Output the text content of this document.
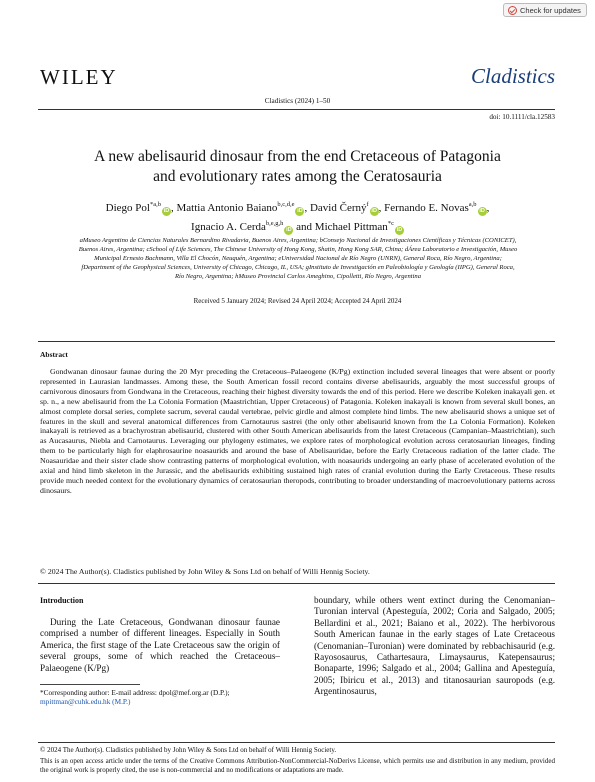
Check for updates
WILEY	Cladistics
Cladistics (2024) 1–50
doi: 10.1111/cla.12583
A new abelisaurid dinosaur from the end Cretaceous of Patagonia
and evolutionary rates among the Ceratosauria
Diego Pol$^{*a,b}$iD , Mattia Antonio Baiano$^{b,c,d,e}$iD , David Černý$^f$iD , Fernando E. Novas$^{a,b}$iD ,
Ignacio A. Cerda$^{b,e,g,h}$iD and Michael Pittman$^{*c}$iD
aMuseo Argentino de Ciencias Naturales Bernardino Rivadavia, Buenos Aires, Argentina; bConsejo Nacional de Investigaciones Científicas y Técnicas (CONICET), Buenos Aires, Argentina; cSchool of Life Sciences, The Chinese University of Hong Kong, Shatin, Hong Kong SAR, China; dÁrea Laboratorio e Investigación, Museo Municipal Ernesto Bachmann, Villa El Chocón, Neuquén, Argentina; eUniversidad Nacional de Río Negro (UNRN), General Roca, Río Negro, Argentina; fDepartment of the Geophysical Sciences, University of Chicago, Chicago, IL, USA; gInstituto de Investigación en Paleobiología y Geología (IIPG), General Roca, Río Negro, Argentina; hMuseo Provincial Carlos Ameghino, Cipolletti, Río Negro, Argentina
Received 5 January 2024; Revised 24 April 2024; Accepted 24 April 2024
Abstract
Gondwanan dinosaur faunae during the 20 Myr preceding the Cretaceous–Palaeogene (K/Pg) extinction included several lineages that were absent or poorly represented in Laurasian landmasses. Among these, the South American fossil record contains diverse abelisaurids, arguably the most successful groups of carnivorous dinosaurs from Gondwana in the Cretaceous, reaching their highest diversity towards the end of this period. Here we describe Koleken inakayali gen. et sp. n., a new abelisaurid from the La Colonia Formation (Maastrichtian, Upper Cretaceous) of Patagonia. Koleken inakayali is known from several skull bones, an almost complete dorsal series, complete sacrum, several caudal vertebrae, pelvic girdle and almost complete hind limbs. The new abelisaurid shows a unique set of features in the skull and several anatomical differences from Carnotaurus sastrei (the only other abelisaurid known from the La Colonia Formation). Koleken inakayali is retrieved as a brachyrostran abelisaurid, clustered with other South American abelisaurids from the latest Cretaceous (Campanian–Maastrichtian), such as Aucasaurus, Niebla and Carnotaurus. Leveraging our phylogeny estimates, we explore rates of morphological evolution across ceratosaurian lineages, finding them to be particularly high for elaphrosaurine noasaurids and around the base of Abelisauridae, before the Early Cretaceous radiation of the latter clade. The Noasauridae and their sister clade show contrasting patterns of morphological evolution, with noasaurids undergoing an early phase of accelerated evolution of the axial and hind limb skeleton in the Jurassic, and the abelisaurids exhibiting sustained high rates of cranial evolution during the Early Cretaceous. These results provide much needed context for the evolutionary dynamics of ceratosaurian theropods, contributing to broader understanding of macroevolutionary patterns across dinosaurs.
© 2024 The Author(s). Cladistics published by John Wiley & Sons Ltd on behalf of Willi Hennig Society.
Introduction
During the Late Cretaceous, Gondwanan dinosaur faunae comprised a number of different lineages. Especially in South America, the first stage of the Late Cretaceous saw the origin of several groups, some of which reached the Cretaceous–Palaeogene (K/Pg)
*Corresponding author: E-mail address: dpol@mef.org.ar (D.P.);
mpittman@cuhk.edu.hk (M.P.)
boundary, while others went extinct during the Cenomanian–Turonian interval (Apesteguía, 2002; Coria and Salgado, 2005; Bellardini et al., 2021; Baiano et al., 2022). The herbivorous South American faunae in the early stages of Late Cretaceous (Cenomanian–Turonian) were dominated by rebbachisaurid (e.g. Rayososaurus, Cathartesaura, Limaysaurus, Katepensaurus; Bonaparte, 1996; Salgado et al., 2004; Gallina and Apesteguía, 2005; Ibiricu et al., 2013) and titanosaurian sauropods (e.g. Argentinosaurus,
© 2024 The Author(s). Cladistics published by John Wiley & Sons Ltd on behalf of Willi Hennig Society.
This is an open access article under the terms of the Creative Commons Attribution-NonCommercial-NoDerivs License, which permits use and distribution in any medium, provided the original work is properly cited, the use is non-commercial and no modifications or adaptations are made.
